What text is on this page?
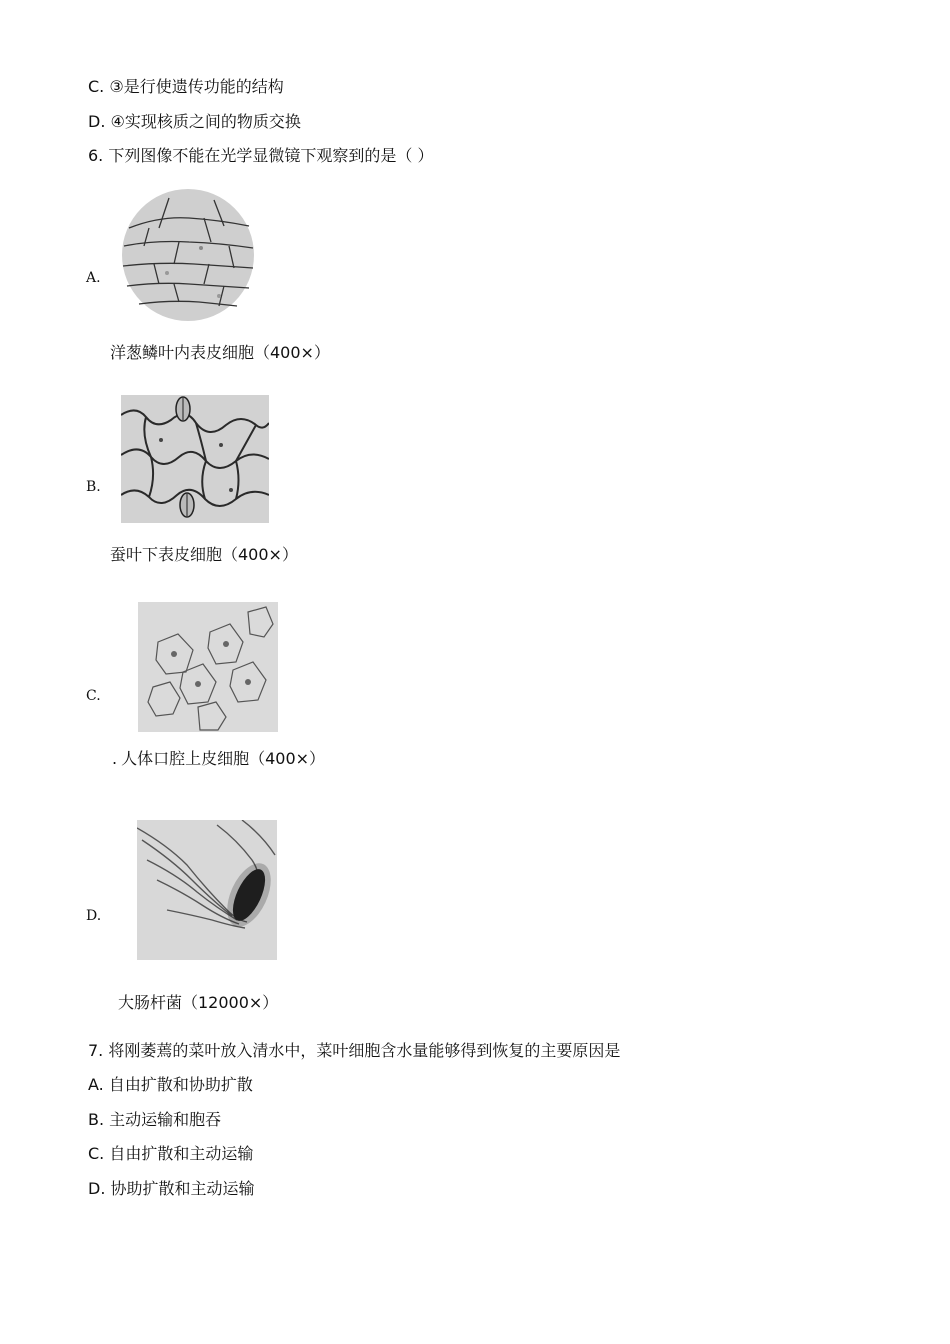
C. ③是行使遗传功能的结构
D. ④实现核质之间的物质交换
6. 下列图像不能在光学显微镜下观察到的是（ ）
A.
洋葱鳞叶内表皮细胞（400×）
B.
蚕叶下表皮细胞（400×）
C.
. 人体口腔上皮细胞（400×）
D.
大肠杆菌（12000×）
7. 将刚萎蔫的菜叶放入清水中，菜叶细胞含水量能够得到恢复的主要原因是
A. 自由扩散和协助扩散
B. 主动运输和胞吞
C. 自由扩散和主动运输
D. 协助扩散和主动运输
